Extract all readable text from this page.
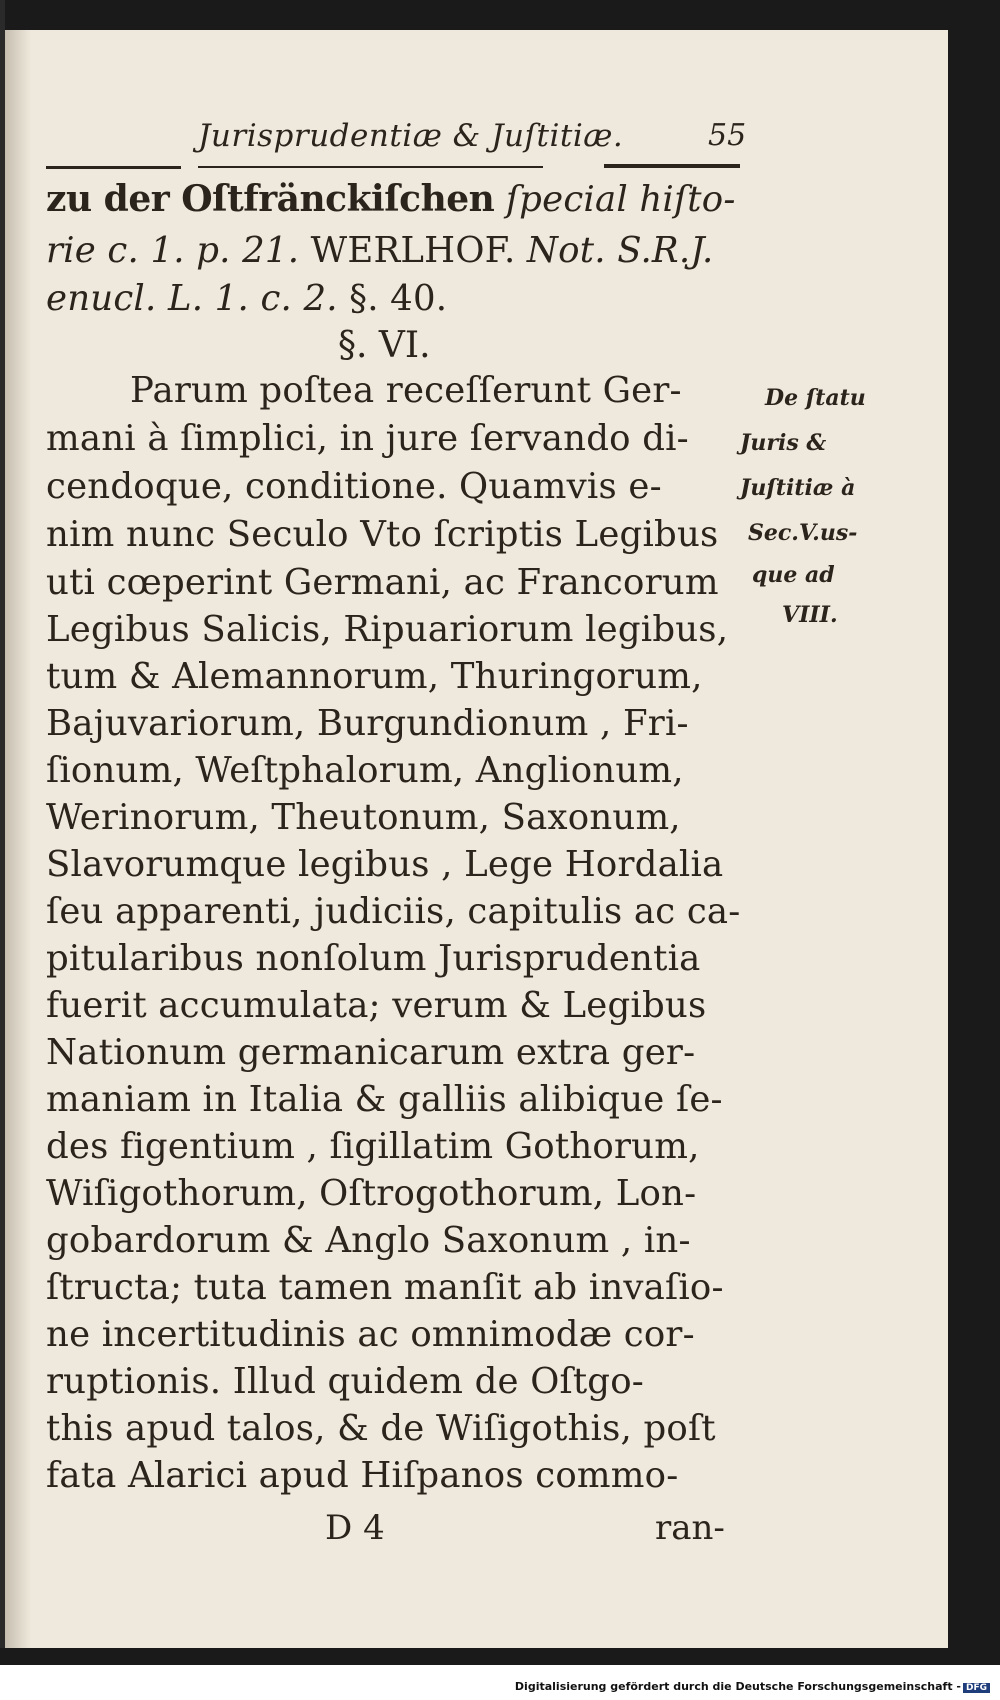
Jurisprudentiæ & Juſtitiæ.	55
zu der Oſtfränckiſchen ſpecial hiſto-
rie c. 1. p. 21. WERLHOF. Not. S.R.J.
enucl. L. 1. c. 2. §. 40.
§. VI.
Parum poſtea receſſerunt Ger-
mani à ſimplici, in jure ſervando di-
cendoque, conditione. Quamvis e-
nim nunc Seculo Vto ſcriptis Legibus
uti cœperint Germani, ac Francorum
Legibus Salicis, Ripuariorum legibus,
tum & Alemannorum, Thuringorum,
Bajuvariorum, Burgundionum , Fri-
ſionum, Weſtphalorum, Anglionum,
Werinorum, Theutonum, Saxonum,
Slavorumque legibus , Lege Hordalia
ſeu apparenti, judiciis, capitulis ac ca-
pitularibus nonſolum Jurisprudentia
fuerit accumulata; verum & Legibus
Nationum germanicarum extra ger-
maniam in Italia & galliis alibique ſe-
des figentium , ſigillatim Gothorum,
Wiſigothorum, Oſtrogothorum, Lon-
gobardorum & Anglo Saxonum , in-
ſtructa; tuta tamen manſit ab invaſio-
ne incertitudinis ac omnimodæ cor-
ruptionis. Illud quidem de Oſtgo-
this apud talos, & de Wiſigothis, poſt
fata Alarici apud Hiſpanos commo-
De ſtatu
Juris &
Juſtitiæ à
Sec.V.us-
que ad
VIII.
D 4	ran-
Digitalisierung gefördert durch die Deutsche Forschungsgemeinschaft - DFG
